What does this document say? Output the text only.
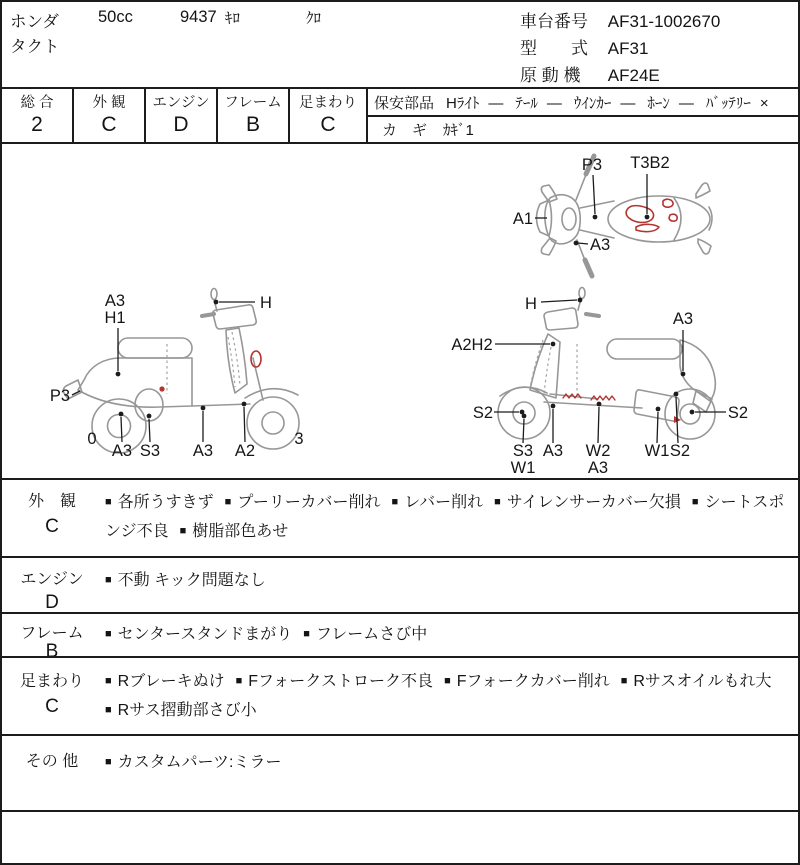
ホンダ
タクト
50cc	9437 ｷﾛ	ｸﾛ	車台番号 AF31-1002670
型　　式 AF31
原 動 機 AF24E
総 合
2
外 観
C
エンジン
D
フレーム
B
足まわり
C
保安部品 Hﾗｲﾄ ― ﾃｰﾙ ― ｳｲﾝｶｰ ― ﾎｰﾝ ― ﾊﾞｯﾃﾘｰ ×
カ　ギ ｶｷﾞ1
A1
P3 T3B2
A3
A3
H1
H
P3
0	3
A3 S3 A3 A2
H
A2H2
A3
S2	S2
S3
W1
A3 W2
A3
W1 S2
外　観
C
■ 各所うすきず ■ プーリーカバー削れ ■ レバー削れ ■ サイレンサーカバー欠損 ■ シートスポンジ不良 ■ 樹脂部色あせ
エンジン
D
■ 不動 キック問題なし
フレーム
B
■ センタースタンドまがり ■ フレームさび中
足まわり
C
■ Rブレーキぬけ ■ Fフォークストローク不良 ■ Fフォークカバー削れ ■ Rサスオイルもれ大■ Rサス摺動部さび小
その 他	■ カスタムパーツ:ミラー
